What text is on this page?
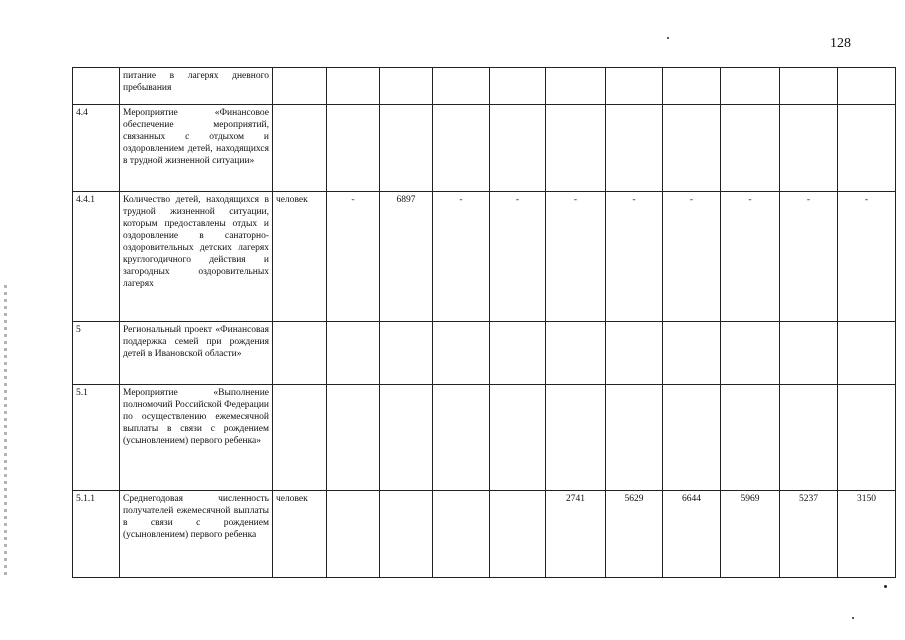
128
	питание в лагерях дневного пребывания											
4.4	Мероприятие «Финансовое обеспечение мероприятий, связанных с отдыхом и оздоровлением детей, находящихся в трудной жизненной ситуации»											
4.4.1	Количество детей, находящихся в трудной жизненной ситуации, которым предоставлены отдых и оздоровление в санаторно-оздоровительных детских лагерях круглогодичного действия и загородных оздоровительных лагерях	человек	-	6897	-	-	-	-	-	-	-	-
5	Региональный проект «Финансовая поддержка семей при рождения детей в Ивановской области»											
5.1	Мероприятие «Выполнение полномочий Российской Федерации по осуществлению ежемесячной выплаты в связи с рождением (усыновлением) первого ребенка»											
5.1.1	Среднегодовая численность получателей ежемесячной выплаты в связи с рождением (усыновлением) первого ребенка	человек					2741	5629	6644	5969	5237	3150
